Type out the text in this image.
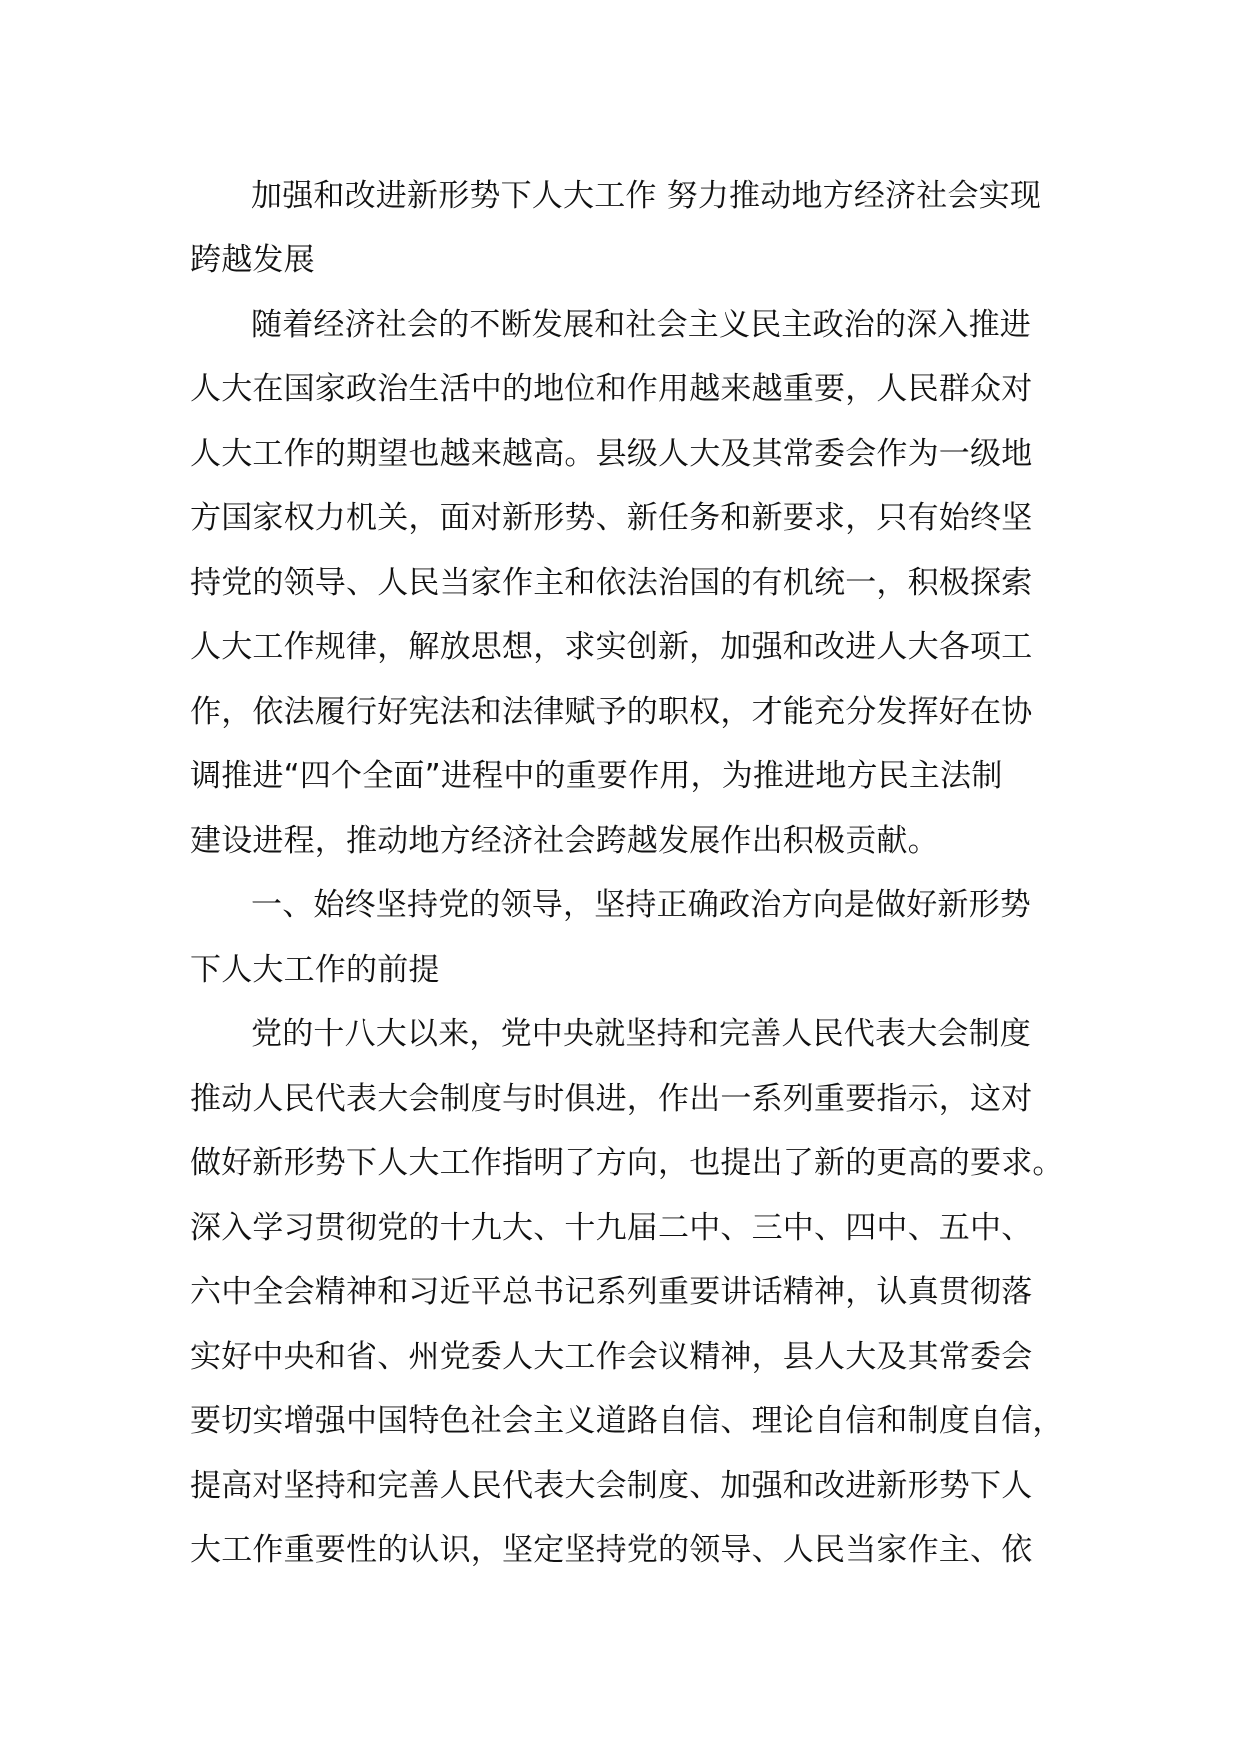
加强和改进新形势下人大工作 努力推动地方经济社会实现
跨越发展
随着经济社会的不断发展和社会主义民主政治的深入推进
人大在国家政治生活中的地位和作用越来越重要，人民群众对
人大工作的期望也越来越高。县级人大及其常委会作为一级地
方国家权力机关，面对新形势、新任务和新要求，只有始终坚
持党的领导、人民当家作主和依法治国的有机统一，积极探索
人大工作规律，解放思想，求实创新，加强和改进人大各项工
作，依法履行好宪法和法律赋予的职权，才能充分发挥好在协
调推进“四个全面”进程中的重要作用，为推进地方民主法制
建设进程，推动地方经济社会跨越发展作出积极贡献。
一、始终坚持党的领导，坚持正确政治方向是做好新形势
下人大工作的前提
党的十八大以来，党中央就坚持和完善人民代表大会制度
推动人民代表大会制度与时俱进，作出一系列重要指示，这对
做好新形势下人大工作指明了方向，也提出了新的更高的要求。
深入学习贯彻党的十九大、十九届二中、三中、四中、五中、
六中全会精神和习近平总书记系列重要讲话精神，认真贯彻落
实好中央和省、州党委人大工作会议精神，县人大及其常委会
要切实增强中国特色社会主义道路自信、理论自信和制度自信，
提高对坚持和完善人民代表大会制度、加强和改进新形势下人
大工作重要性的认识，坚定坚持党的领导、人民当家作主、依
